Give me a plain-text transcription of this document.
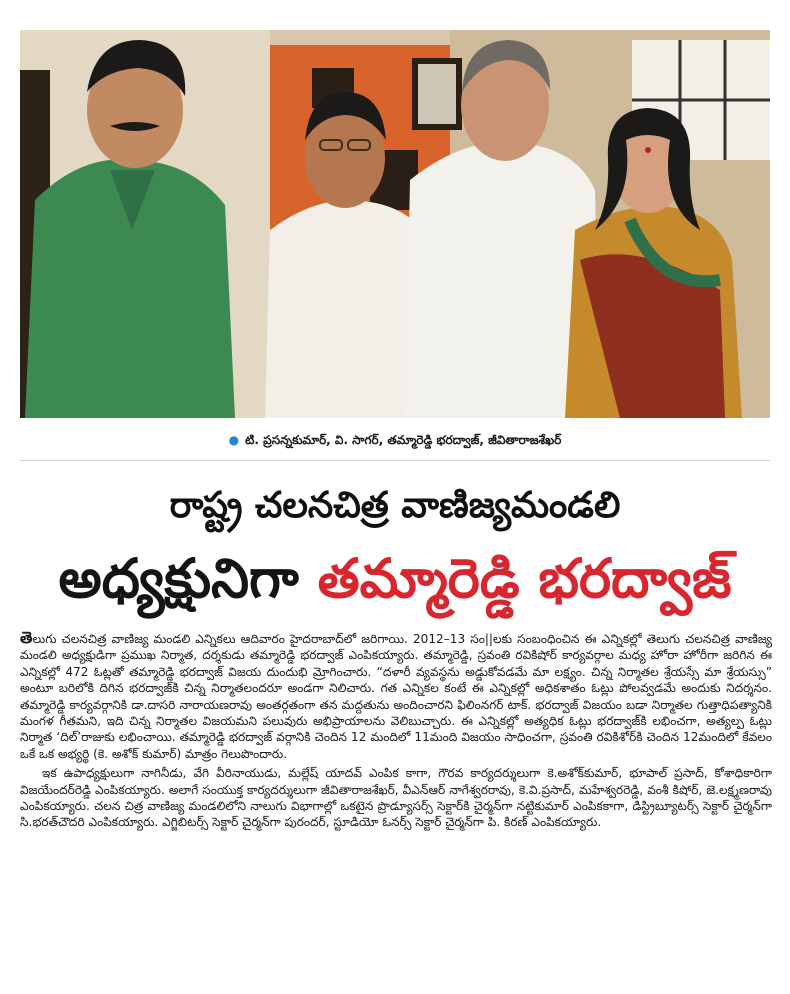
● టి. ప్రసన్నకుమార్, వి. సాగర్, తమ్మారెడ్డి భరద్వాజ్, జీవితారాజశేఖర్
రాష్ట్ర చలనచిత్ర వాణిజ్యమండలి
అధ్యక్షునిగా తమ్మారెడ్డి భరద్వాజ్

తెలుగు చలనచిత్ర వాణిజ్య మండలి ఎన్నికలు ఆదివారం హైదరాబాద్‌లో జరిగాయి. 2012–13 సం||లకు సంబంధించిన ఈ ఎన్నికల్లో తెలుగు చలనచిత్ర వాణిజ్య మండలి అధ్యక్షుడిగా ప్రముఖ నిర్మాత, దర్శకుడు తమ్మారెడ్డి భరద్వాజ్ ఎంపికయ్యారు. తమ్మారెడ్డి, స్రవంతి రవికిషోర్ కార్యవర్గాల మధ్య హోరా హోరీగా జరిగిన ఈ ఎన్నికల్లో 472 ఓట్లతో తమ్మారెడ్డి భరద్వాజ్ విజయ దుందుభి మ్రోగించారు. “దళారీ వ్యవస్థను అడ్డుకోవడమే మా లక్ష్యం. చిన్న నిర్మాతల శ్రేయస్సే మా శ్రేయస్సు” అంటూ బరిలోకి దిగిన భరద్వాజ్‌కి చిన్న నిర్మాతలందరూ అండగా నిలిచారు. గత ఎన్నికల కంటే ఈ ఎన్నికల్లో అధికశాతం ఓట్లు పోలవ్వడమే అందుకు నిదర్శనం. తమ్మారెడ్డి కార్యవర్గానికి డా.దాసరి నారాయణరావు అంతర్గతంగా తన మద్దతును అందించారని ఫిలింనగర్ టాక్. భరద్వాజ్ విజయం బడా నిర్మాతల గుత్తాధిపత్యానికి మంగళ గీతమని, ఇది చిన్న నిర్మాతల విజయమని పలువురు అభిప్రాయాలను వెలిబుచ్చారు. ఈ ఎన్నికల్లో అత్యధిక ఓట్లు భరద్వాజ్‌కి లభించగా, అత్యల్ప ఓట్లు నిర్మాత ‘దిల్’రాజుకు లభించాయి. తమ్మారెడ్డి భరద్వాజ్ వర్గానికి చెందిన 12 మందిలో 11మంది విజయం సాధించగా, స్రవంతి రవికిశోర్‌కి చెందిన 12మందిలో కేవలం ఒకే ఒక అభ్యర్థి (కె. అశోక్ కుమార్) మాత్రం గెలుపొందారు.

ఇక ఉపాధ్యక్షులుగా నాగినీడు, వేగి వీరినాయుడు, మల్లేష్ యాదవ్ ఎంపిక కాగా, గౌరవ కార్యదర్శులుగా కె.అశోక్‌కుమార్, భూపాల్ ప్రసాద్, కోశాధికారిగా విజయేందర్‌రెడ్డి ఎంపికయ్యారు. అలాగే సంయుక్త కార్యదర్శులుగా జీవితారాజశేఖర్, వీఎన్ఆర్ నాగేశ్వరరావు, కె.వి.ప్రసాద్, మహేశ్వరరెడ్డి, వంశీ కిషోర్, జె.లక్ష్మణరావు ఎంపికయ్యారు. చలన చిత్ర వాణిజ్య మండలిలోని నాలుగు విభాగాల్లో ఒకటైన ప్రొడ్యూసర్స్ సెక్టార్‌కి చైర్మన్‌గా నట్టికుమార్ ఎంపికకాగా, డిస్ట్రిబ్యూటర్స్ సెక్టార్ చైర్మన్‌గా సి.భరత్‌చౌదరి ఎంపికయ్యారు. ఎగ్జిబిటర్స్ సెక్టార్ చైర్మన్‌గా పురందర్, స్టూడియో ఓనర్స్ సెక్టార్ చైర్మన్‌గా పి. కిరణ్ ఎంపికయ్యారు.
